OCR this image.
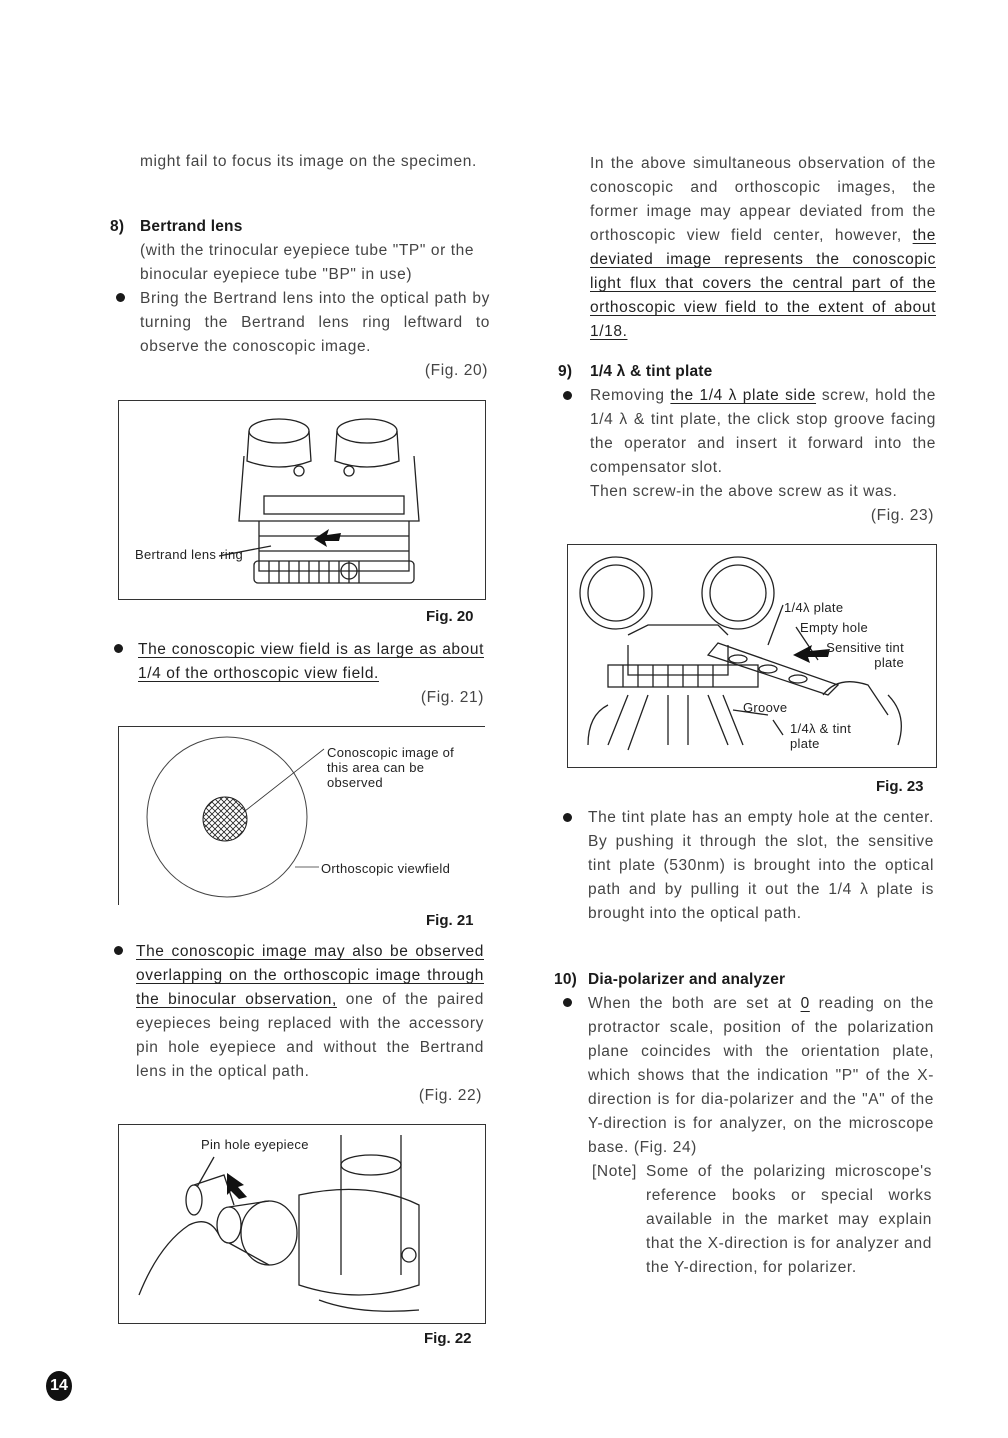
might fail to focus its image on the specimen.
8) Bertrand lens
(with the trinocular eyepiece tube "TP" or the binocular eyepiece tube "BP" in use)
Bring the Bertrand lens into the optical path by turning the Bertrand lens ring leftward to observe the conoscopic image.
(Fig. 20)
Bertrand lens ring
Fig. 20
The conoscopic view field is as large as about 1/4 of the orthoscopic view field.
(Fig. 21)
Conoscopic image of this area can be observed
Orthoscopic viewfield
Fig. 21
The conoscopic image may also be observed overlapping on the orthoscopic image through the binocular observation, one of the paired eyepieces being replaced with the accessory pin hole eyepiece and without the Bertrand lens in the optical path.
(Fig. 22)
Pin hole eyepiece
Fig. 22
14
In the above simultaneous observation of the conoscopic and orthoscopic images, the former image may appear deviated from the orthoscopic view field center, however, the deviated image represents the conoscopic light flux that covers the central part of the orthoscopic view field to the extent of about 1/18.
9) 1/4 λ & tint plate
Removing the 1/4 λ plate side screw, hold the 1/4 λ & tint plate, the click stop groove facing the operator and insert it forward into the compensator slot.
Then screw-in the above screw as it was.
(Fig. 23)
1/4λ plate
Empty hole
Sensitive tint plate
Groove
1/4λ & tint plate
Fig. 23
The tint plate has an empty hole at the center. By pushing it through the slot, the sensitive tint plate (530nm) is brought into the optical path and by pulling it out the 1/4 λ plate is brought into the optical path.
10) Dia-polarizer and analyzer
When the both are set at 0 reading on the protractor scale, position of the polarization plane coincides with the orientation plate, which shows that the indication "P" of the X-direction is for dia-polarizer and the "A" of the Y-direction is for analyzer, on the microscope base. (Fig. 24)
[Note] Some of the polarizing microscope's reference books or special works available in the market may explain that the X-direction is for analyzer and the Y-direction, for polarizer.
